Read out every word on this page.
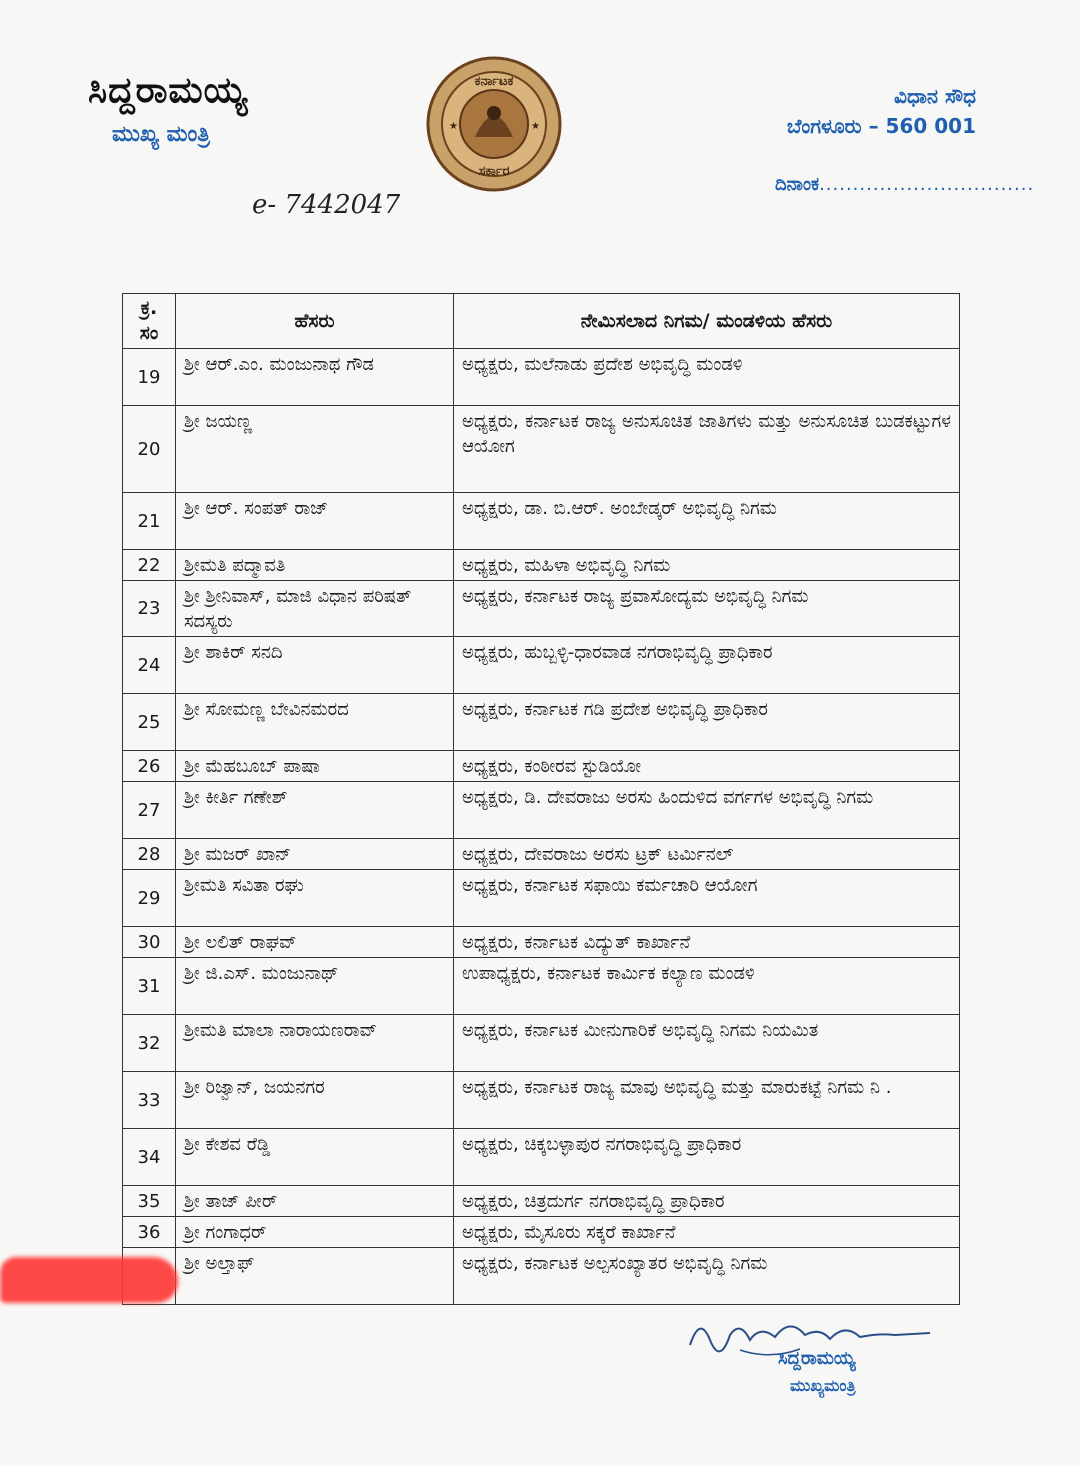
ಸಿದ್ದರಾಮಯ್ಯ
ಮುಖ್ಯ ಮಂತ್ರಿ
ಕರ್ನಾಟಕ
ಸರ್ಕಾರ
★	★
ವಿಧಾನ ಸೌಧ
ಬೆಂಗಳೂರು – 560 001
ದಿನಾಂಕ................................
e- 7442047
ಕ್ರ. ಸಂ	ಹೆಸರು	ನೇಮಿಸಲಾದ ನಿಗಮ/ ಮಂಡಳಿಯ ಹೆಸರು
19	ಶ್ರೀ ಆರ್.ಎಂ. ಮಂಜುನಾಥ ಗೌಡ	ಅಧ್ಯಕ್ಷರು, ಮಲೆನಾಡು ಪ್ರದೇಶ ಅಭಿವೃದ್ಧಿ ಮಂಡಳಿ
20	ಶ್ರೀ ಜಯಣ್ಣ	ಅಧ್ಯಕ್ಷರು, ಕರ್ನಾಟಕ ರಾಜ್ಯ ಅನುಸೂಚಿತ ಜಾತಿಗಳು ಮತ್ತು ಅನುಸೂಚಿತ ಬುಡಕಟ್ಟುಗಳ ಆಯೋಗ
21	ಶ್ರೀ ಆರ್. ಸಂಪತ್ ರಾಜ್	ಅಧ್ಯಕ್ಷರು, ಡಾ. ಬಿ.ಆರ್. ಅಂಬೇಡ್ಕರ್ ಅಭಿವೃದ್ಧಿ ನಿಗಮ
22	ಶ್ರೀಮತಿ ಪದ್ಮಾವತಿ	ಅಧ್ಯಕ್ಷರು, ಮಹಿಳಾ ಅಭಿವೃದ್ಧಿ ನಿಗಮ
23	ಶ್ರೀ ಶ್ರೀನಿವಾಸ್, ಮಾಜಿ ವಿಧಾನ ಪರಿಷತ್ ಸದಸ್ಯರು	ಅಧ್ಯಕ್ಷರು, ಕರ್ನಾಟಕ ರಾಜ್ಯ ಪ್ರವಾಸೋದ್ಯಮ ಅಭಿವೃದ್ಧಿ ನಿಗಮ
24	ಶ್ರೀ ಶಾಕಿರ್ ಸನದಿ	ಅಧ್ಯಕ್ಷರು, ಹುಬ್ಬಳ್ಳಿ-ಧಾರವಾಡ ನಗರಾಭಿವೃದ್ಧಿ ಪ್ರಾಧಿಕಾರ
25	ಶ್ರೀ ಸೋಮಣ್ಣ ಬೇವಿನಮರದ	ಅಧ್ಯಕ್ಷರು, ಕರ್ನಾಟಕ ಗಡಿ ಪ್ರದೇಶ ಅಭಿವೃದ್ಧಿ ಪ್ರಾಧಿಕಾರ
26	ಶ್ರೀ ಮೆಹಬೂಬ್ ಪಾಷಾ	ಅಧ್ಯಕ್ಷರು, ಕಂಠೀರವ ಸ್ಟುಡಿಯೋ
27	ಶ್ರೀ ಕೀರ್ತಿ ಗಣೇಶ್	ಅಧ್ಯಕ್ಷರು, ಡಿ. ದೇವರಾಜು ಅರಸು ಹಿಂದುಳಿದ ವರ್ಗಗಳ ಅಭಿವೃದ್ಧಿ ನಿಗಮ
28	ಶ್ರೀ ಮಜರ್ ಖಾನ್	ಅಧ್ಯಕ್ಷರು, ದೇವರಾಜು ಅರಸು ಟ್ರಕ್ ಟರ್ಮಿನಲ್
29	ಶ್ರೀಮತಿ ಸವಿತಾ ರಘು	ಅಧ್ಯಕ್ಷರು, ಕರ್ನಾಟಕ ಸಫಾಯಿ ಕರ್ಮಚಾರಿ ಆಯೋಗ
30	ಶ್ರೀ ಲಲಿತ್ ರಾಘವ್	ಅಧ್ಯಕ್ಷರು, ಕರ್ನಾಟಕ ವಿದ್ಯುತ್ ಕಾರ್ಖಾನೆ
31	ಶ್ರೀ ಜಿ.ಎಸ್. ಮಂಜುನಾಥ್	ಉಪಾಧ್ಯಕ್ಷರು, ಕರ್ನಾಟಕ ಕಾರ್ಮಿಕ ಕಲ್ಯಾಣ ಮಂಡಳಿ
32	ಶ್ರೀಮತಿ ಮಾಲಾ ನಾರಾಯಣರಾವ್	ಅಧ್ಯಕ್ಷರು, ಕರ್ನಾಟಕ ಮೀನುಗಾರಿಕೆ ಅಭಿವೃದ್ಧಿ ನಿಗಮ ನಿಯಮಿತ
33	ಶ್ರೀ ರಿಜ್ವಾನ್, ಜಯನಗರ	ಅಧ್ಯಕ್ಷರು, ಕರ್ನಾಟಕ ರಾಜ್ಯ ಮಾವು ಅಭಿವೃದ್ಧಿ ಮತ್ತು ಮಾರುಕಟ್ಟೆ ನಿಗಮ ನಿ .
34	ಶ್ರೀ ಕೇಶವ ರೆಡ್ಡಿ	ಅಧ್ಯಕ್ಷರು, ಚಿಕ್ಕಬಳ್ಳಾಪುರ ನಗರಾಭಿವೃದ್ಧಿ ಪ್ರಾಧಿಕಾರ
35	ಶ್ರೀ ತಾಜ್ ಪೀರ್	ಅಧ್ಯಕ್ಷರು, ಚಿತ್ರದುರ್ಗ ನಗರಾಭಿವೃದ್ಧಿ ಪ್ರಾಧಿಕಾರ
36	ಶ್ರೀ ಗಂಗಾಧರ್	ಅಧ್ಯಕ್ಷರು, ಮೈಸೂರು ಸಕ್ಕರೆ ಕಾರ್ಖಾನೆ
	ಶ್ರೀ ಅಲ್ತಾಫ್	ಅಧ್ಯಕ್ಷರು, ಕರ್ನಾಟಕ ಅಲ್ಪಸಂಖ್ಯಾತರ ಅಭಿವೃದ್ಧಿ ನಿಗಮ
ಸಿದ್ದರಾಮಯ್ಯ
ಮುಖ್ಯಮಂತ್ರಿ
